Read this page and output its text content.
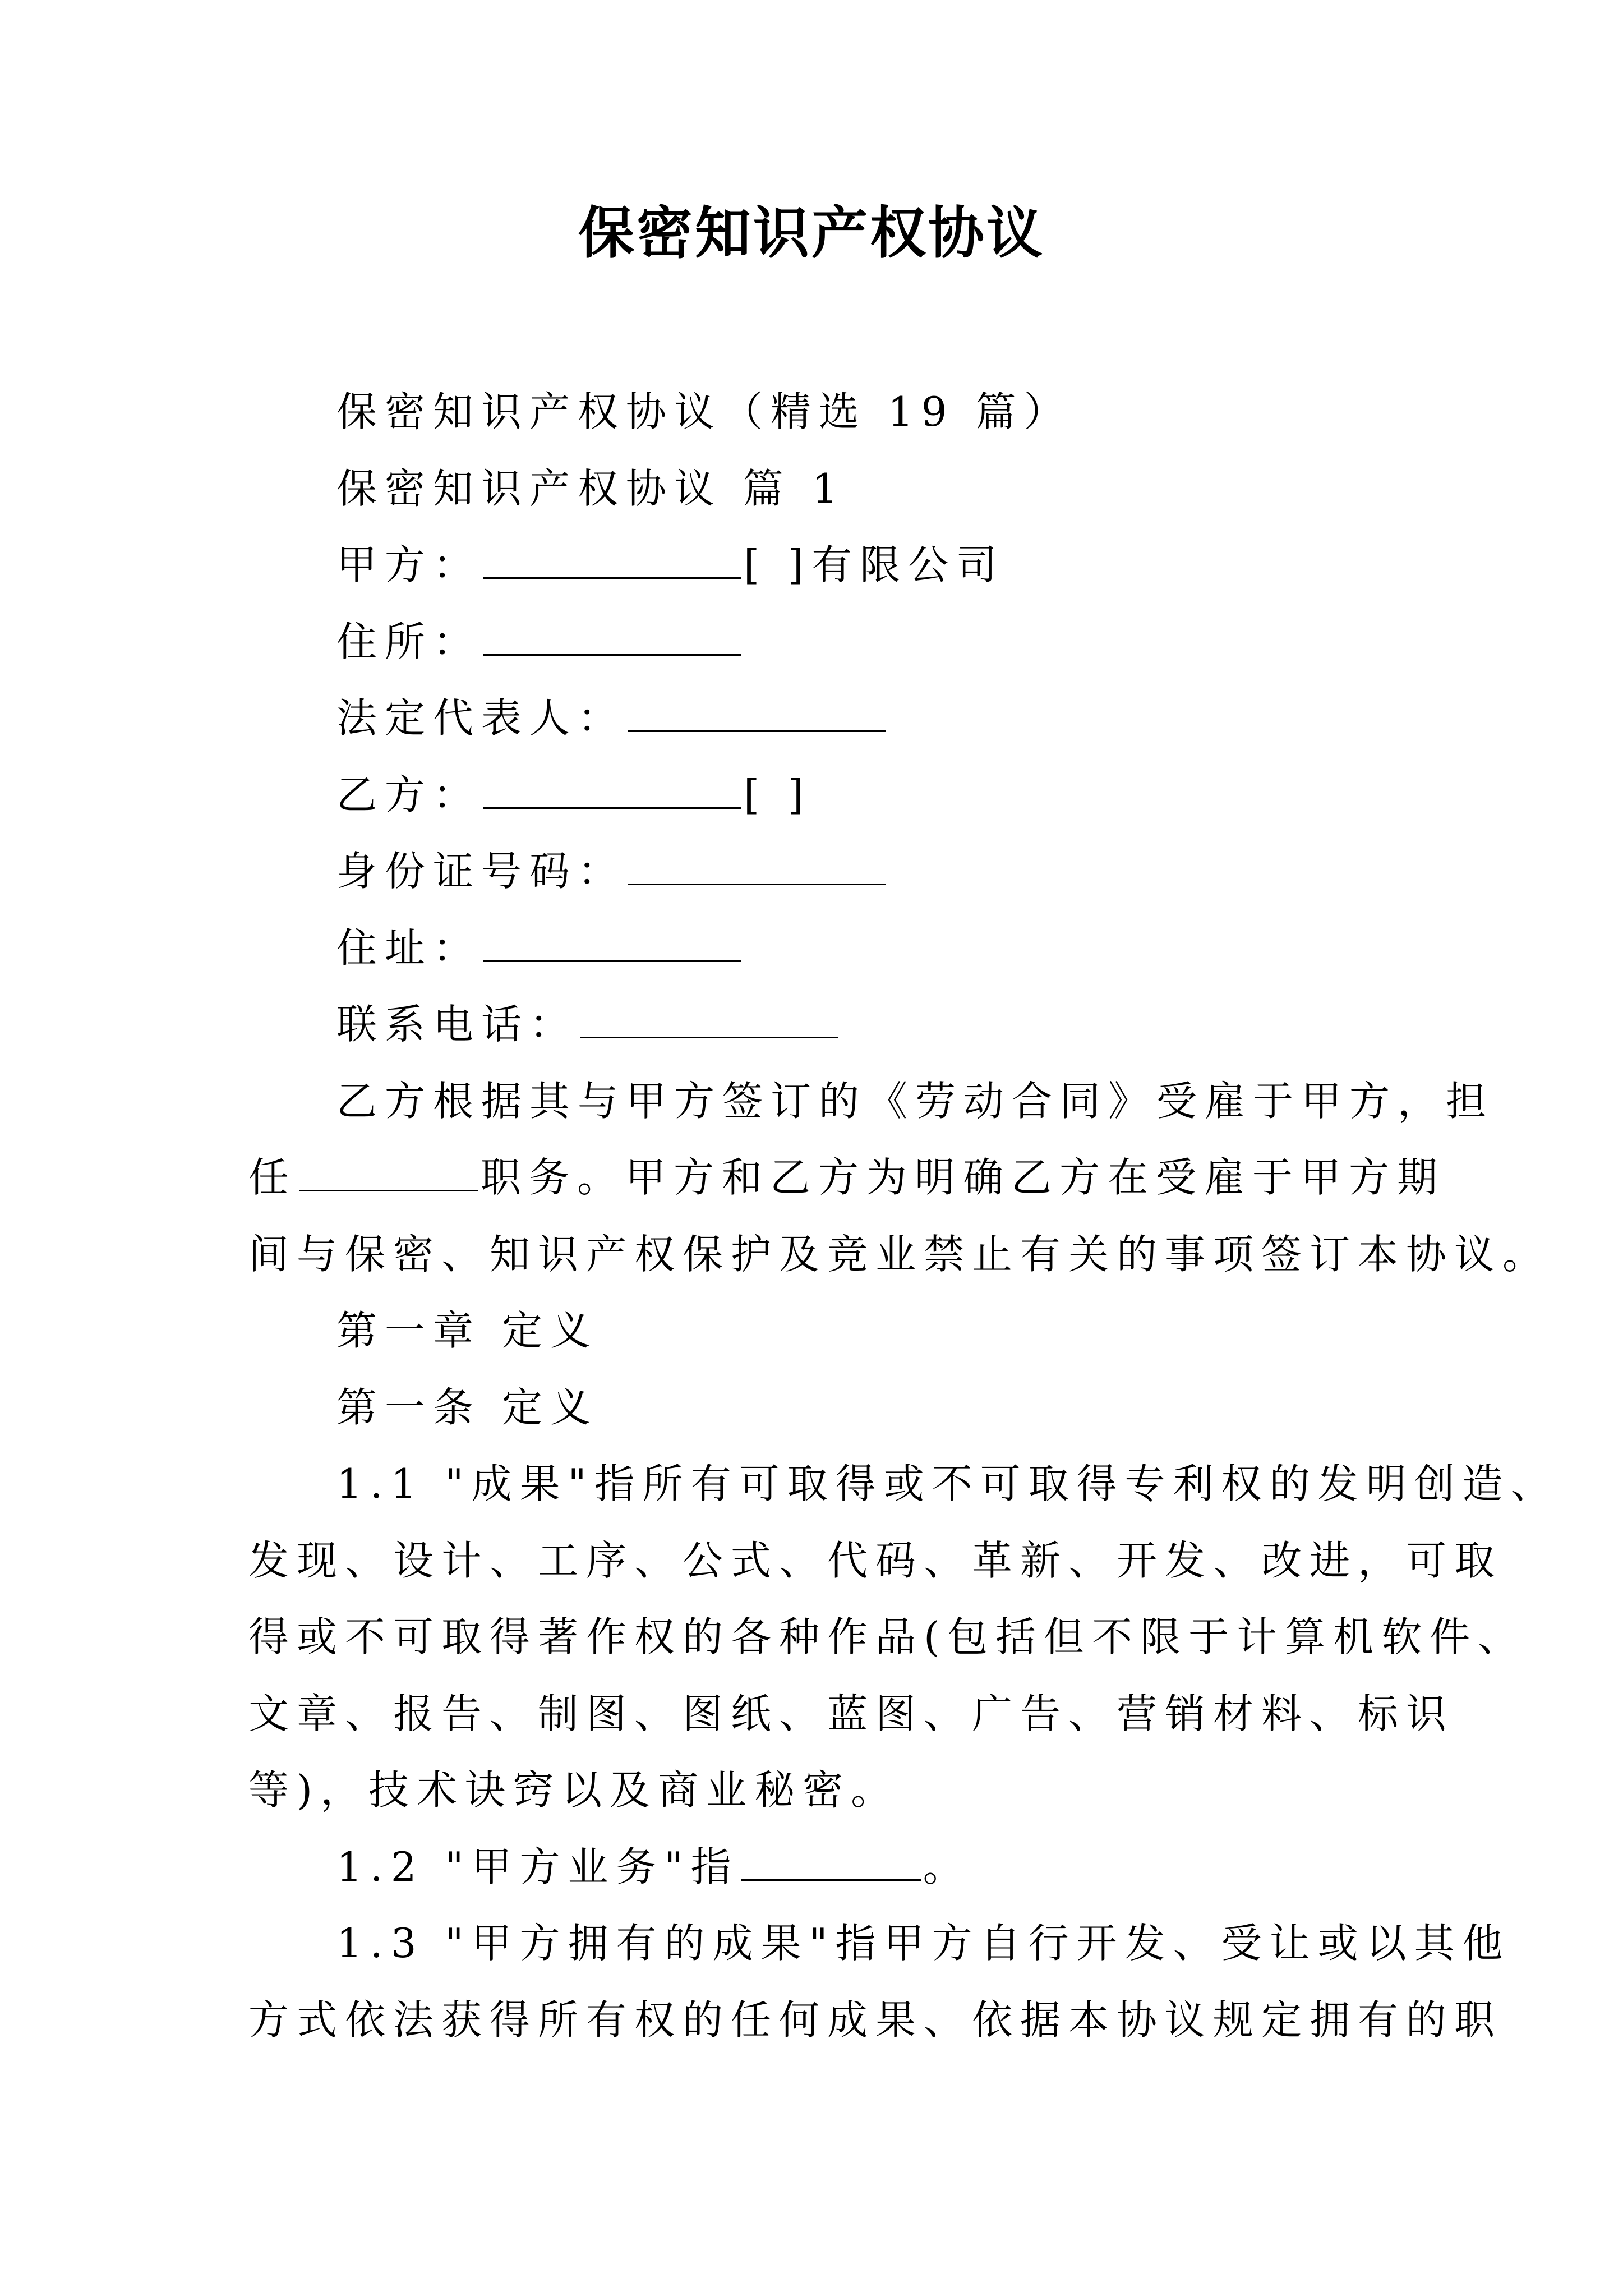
保密知识产权协议
保密知识产权协议（精选 19 篇）
保密知识产权协议 篇 1
甲方：	[ ]有限公司
住所：
法定代表人：
乙方：	[ ]
身份证号码：
住址：
联系电话：
乙方根据其与甲方签订的《劳动合同》受雇于甲方，担
任	职务。甲方和乙方为明确乙方在受雇于甲方期
间与保密、知识产权保护及竞业禁止有关的事项签订本协议。
第一章 定义
第一条 定义
1.1 "成果"指所有可取得或不可取得专利权的发明创造、
发现、设计、工序、公式、代码、革新、开发、改进，可取
得或不可取得著作权的各种作品(包括但不限于计算机软件、
文章、报告、制图、图纸、蓝图、广告、营销材料、标识
等)，技术诀窍以及商业秘密。
1.2 "甲方业务"指	。
1.3 "甲方拥有的成果"指甲方自行开发、受让或以其他
方式依法获得所有权的任何成果、依据本协议规定拥有的职
